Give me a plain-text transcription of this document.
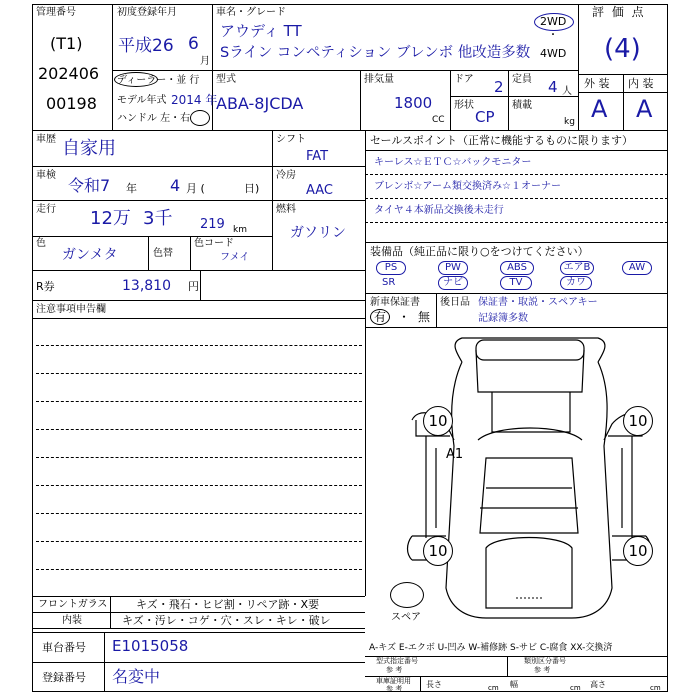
管理番号
(T1)
202406
00198
初度登録年月
平成26 6
月
ディーラー・並 行
モデル年式 2014 年
ハンドル 左・右
車名・グレード
アウディ TT
Sライン コンペティション ブレンボ 他改造多数
2WD
・
4WD
型式
ABA-8JCDA
排気量
1800
CC
ドア 2 定員 4 人
形状
CP
積載
kg
評 価 点
(4)
外 装 内 装
A A
車歴 自家用
車検
令和7 年 4 月 (	日)
走行 12万 3千 219 km
色
ガンメタ	色替
色コード
フメイ
シフト
FAT
冷房
AAC
燃料
ガソリン
R券	13,810 円
セールスポイント（正常に機能するものに限ります）
キーレス☆ＥＴＣ☆バックモニター
ブレンボ☆アーム類交換済み☆１オーナー
タイヤ４本新品交換後未走行
装備品（純正品に限り○をつけてください）
PS	PW	ABS	エアB	AW
SR	ナビ	TV	カワ
新車保証書
有 ・ 無
後日品 保証書・取説・スペアキー
記録簿多数
注意事項申告欄
10	10
10	10
A1
スペア
フロントガラス	キズ・飛石・ヒビ割・リペア跡・X要
内装	キズ・汚レ・コゲ・穴・スレ・キレ・破レ
車台番号 E1015058
登録番号 名変中
A-キズ E-エクボ U-凹み W-補修跡 S-サビ C-腐食 XX-交換済
型式指定番号
参 考
類別区分番号
参 考
車庫証明用
参 考	長さ	cm 幅	cm 高さ	cm
